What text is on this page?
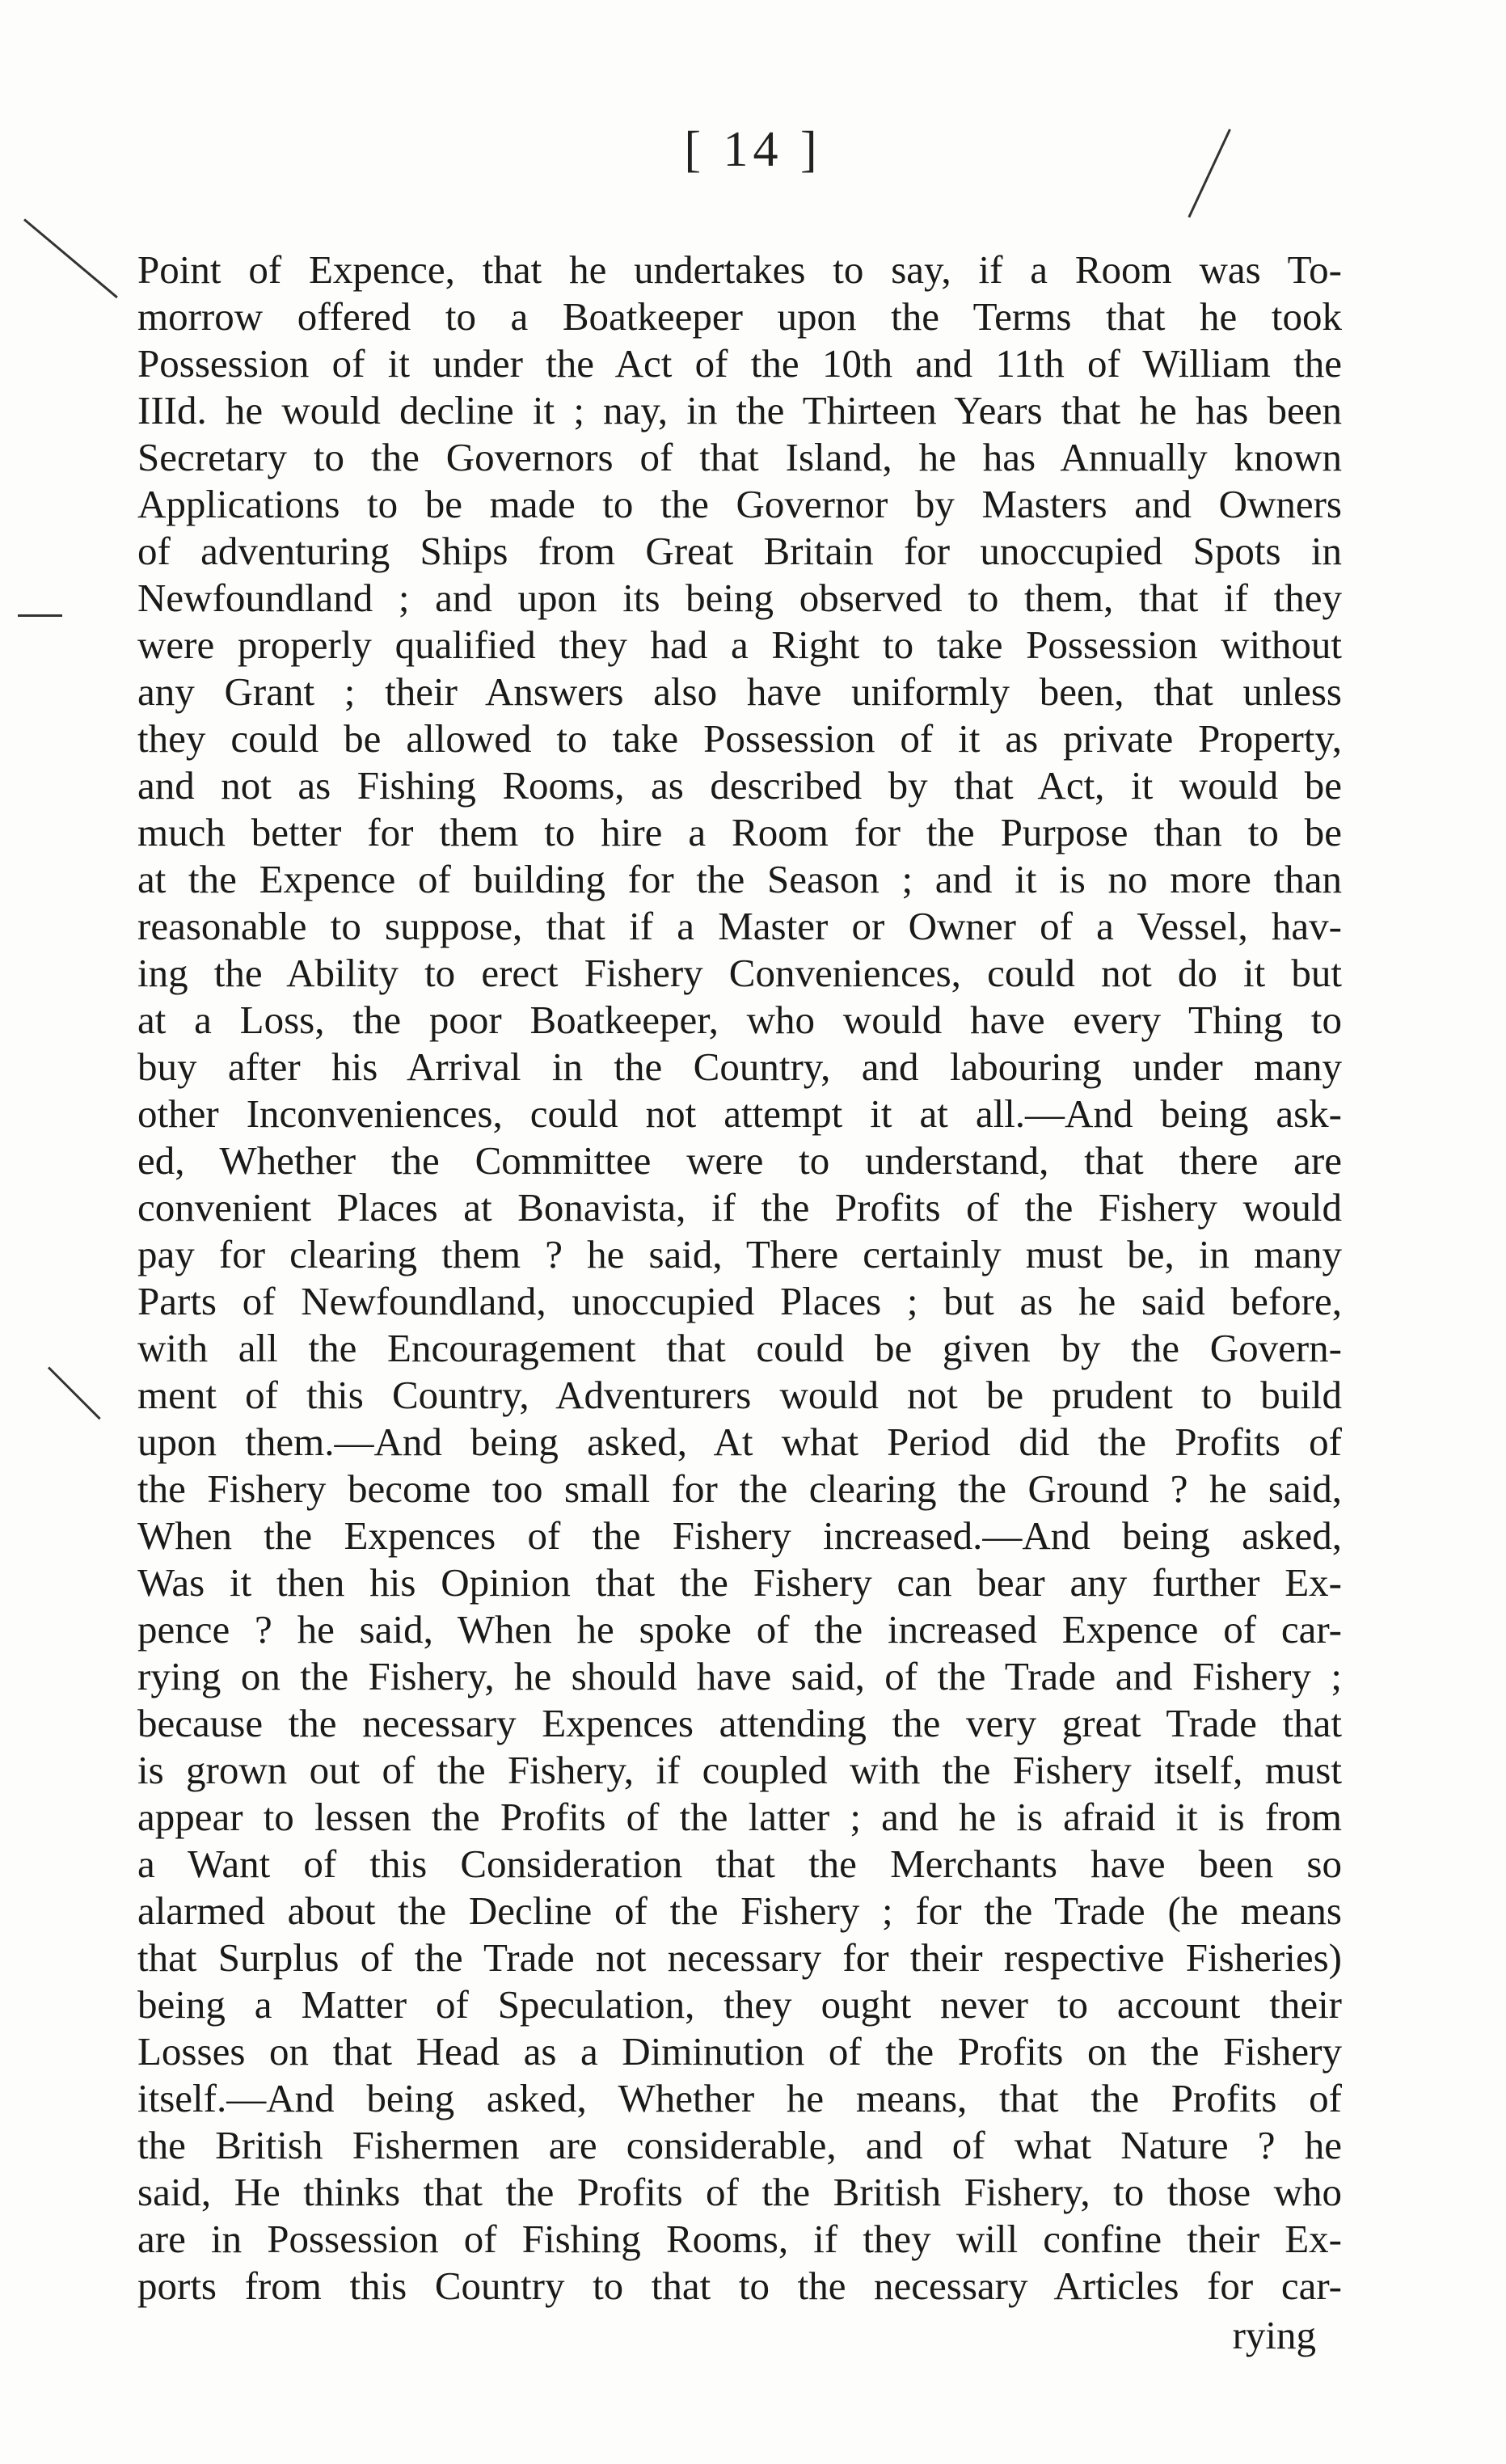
[ 14 ]
Point of Expence, that he undertakes to say, if a Room was To-
morrow offered to a Boatkeeper upon the Terms that he took
Possession of it under the Act of the 10th and 11th of William the
IIId. he would decline it ; nay, in the Thirteen Years that he has been
Secretary to the Governors of that Island, he has Annually known
Applications to be made to the Governor by Masters and Owners
of adventuring Ships from Great Britain for unoccupied Spots in
Newfoundland ; and upon its being observed to them, that if they
were properly qualified they had a Right to take Possession without
any Grant ; their Answers also have uniformly been, that unless
they could be allowed to take Possession of it as private Property,
and not as Fishing Rooms, as described by that Act, it would be
much better for them to hire a Room for the Purpose than to be
at the Expence of building for the Season ; and it is no more than
reasonable to suppose, that if a Master or Owner of a Vessel, hav-
ing the Ability to erect Fishery Conveniences, could not do it but
at a Loss, the poor Boatkeeper, who would have every Thing to
buy after his Arrival in the Country, and labouring under many
other Inconveniences, could not attempt it at all.—And being ask-
ed, Whether the Committee were to understand, that there are
convenient Places at Bonavista, if the Profits of the Fishery would
pay for clearing them ? he said, There certainly must be, in many
Parts of Newfoundland, unoccupied Places ; but as he said before,
with all the Encouragement that could be given by the Govern-
ment of this Country, Adventurers would not be prudent to build
upon them.—And being asked, At what Period did the Profits of
the Fishery become too small for the clearing the Ground ? he said,
When the Expences of the Fishery increased.—And being asked,
Was it then his Opinion that the Fishery can bear any further Ex-
pence ? he said, When he spoke of the increased Expence of car-
rying on the Fishery, he should have said, of the Trade and Fishery ;
because the necessary Expences attending the very great Trade that
is grown out of the Fishery, if coupled with the Fishery itself, must
appear to lessen the Profits of the latter ; and he is afraid it is from
a Want of this Consideration that the Merchants have been so
alarmed about the Decline of the Fishery ; for the Trade (he means
that Surplus of the Trade not necessary for their respective Fisheries)
being a Matter of Speculation, they ought never to account their
Losses on that Head as a Diminution of the Profits on the Fishery
itself.—And being asked, Whether he means, that the Profits of
the British Fishermen are considerable, and of what Nature ? he
said, He thinks that the Profits of the British Fishery, to those who
are in Possession of Fishing Rooms, if they will confine their Ex-
ports from this Country to that to the necessary Articles for car-
rying
